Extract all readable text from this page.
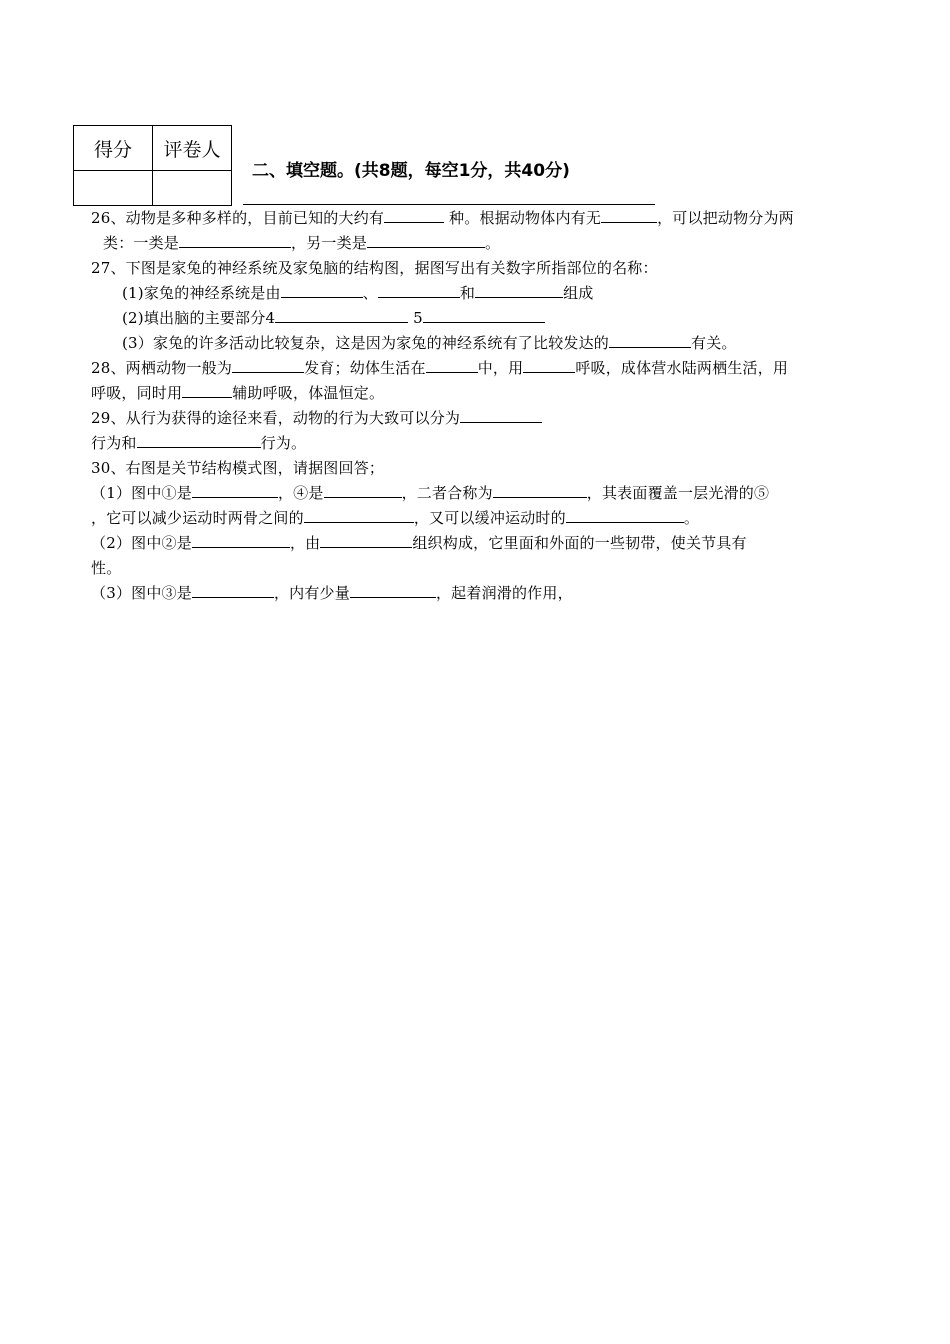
得分	评卷人

二、填空题。(共8题，每空1分，共40分)
26、动物是多种多样的，目前已知的大约有	种。根据动物体内有无	，可以把动物分为两
类：一类是	，另一类是	。
27、下图是家兔的神经系统及家兔脑的结构图，据图写出有关数字所指部位的名称：
(1)家兔的神经系统是由	、	和	组成
(2)填出脑的主要部分4	5
(3）家兔的许多活动比较复杂，这是因为家兔的神经系统有了比较发达的	有关。
28、两栖动物一般为	发育；幼体生活在	中，用	呼吸，成体营水陆两栖生活，用
呼吸，同时用	辅助呼吸，体温恒定。
29、从行为获得的途径来看，动物的行为大致可以分为
行为和	行为。
30、右图是关节结构模式图，请据图回答；
（1）图中①是	，④是	，二者合称为	，其表面覆盖一层光滑的⑤
，它可以减少运动时两骨之间的	，又可以缓冲运动时的	。
（2）图中②是	，由	组织构成，它里面和外面的一些韧带，使关节具有
性。
（3）图中③是	，内有少量	，起着润滑的作用，
